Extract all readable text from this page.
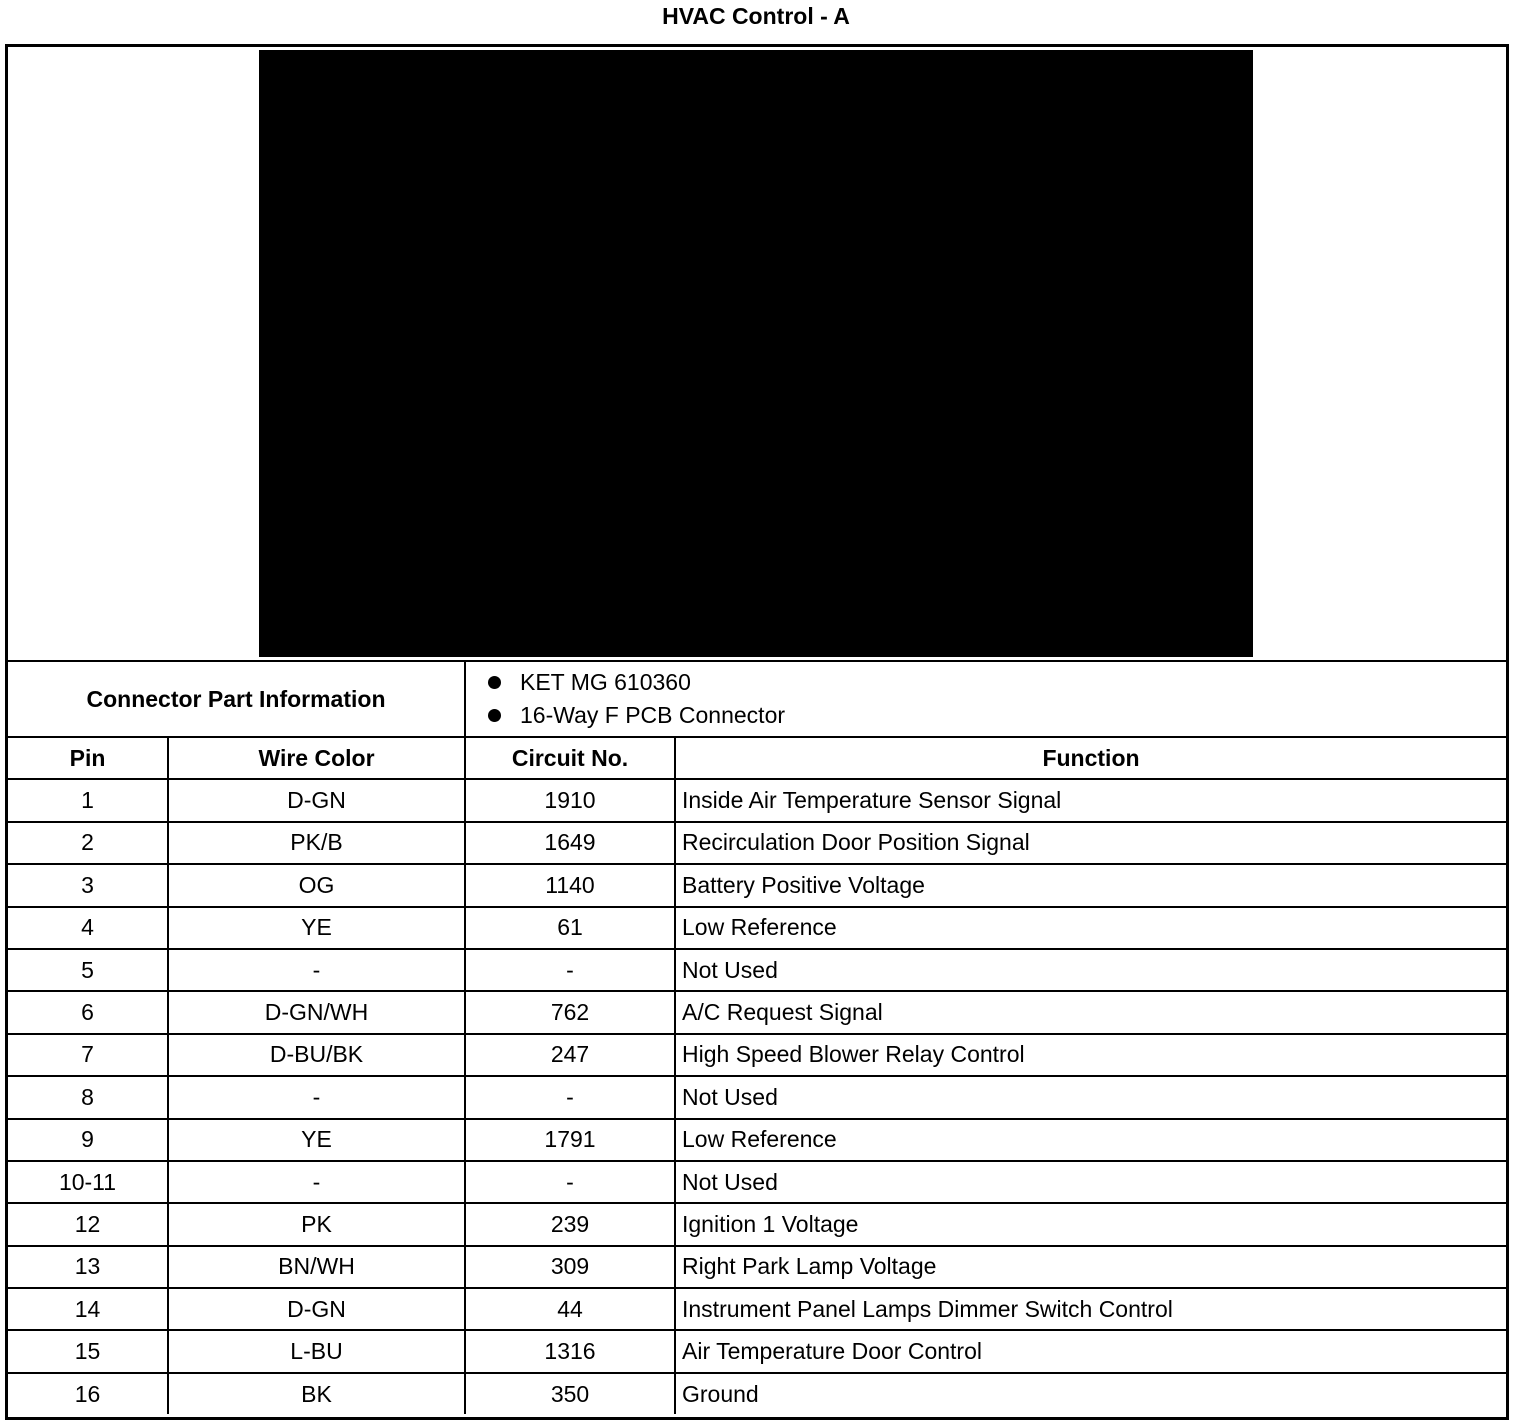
HVAC Control - A
Connector Part Information
KET MG 610360
16-Way F PCB Connector
Pin	Wire Color	Circuit No.	Function
1	D-GN	1910	Inside Air Temperature Sensor Signal
2	PK/B	1649	Recirculation Door Position Signal
3	OG	1140	Battery Positive Voltage
4	YE	61	Low Reference
5	-	-	Not Used
6	D-GN/WH	762	A/C Request Signal
7	D-BU/BK	247	High Speed Blower Relay Control
8	-	-	Not Used
9	YE	1791	Low Reference
10-11	-	-	Not Used
12	PK	239	Ignition 1 Voltage
13	BN/WH	309	Right Park Lamp Voltage
14	D-GN	44	Instrument Panel Lamps Dimmer Switch Control
15	L-BU	1316	Air Temperature Door Control
16	BK	350	Ground
